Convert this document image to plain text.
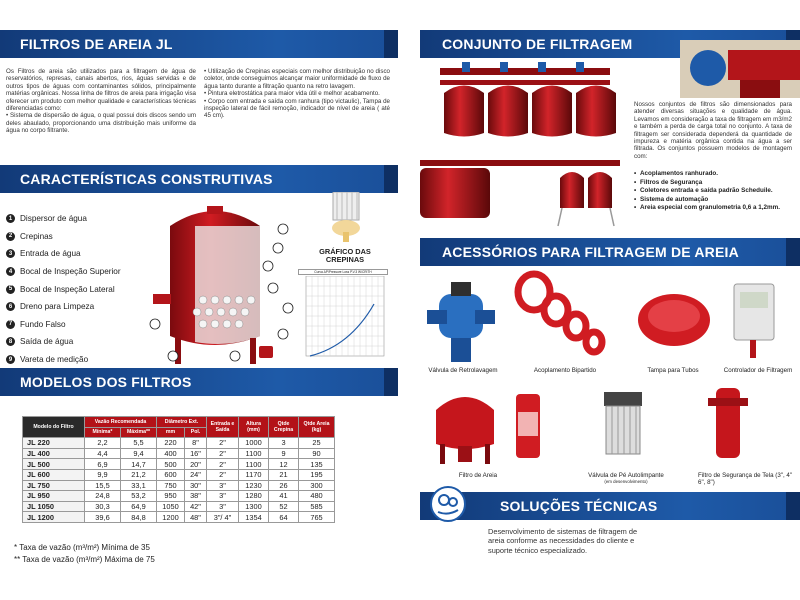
FILTROS DE AREIA JL
Os Filtros de areia são utilizados para a filtragem de água de reservatórios, represas, canais abertos, rios, águas servidas e de outros tipos de águas com contaminantes sólidos, principalmente matérias orgânicas. Nossa linha de filtros de areia para irrigação visa oferecer um produto com melhor qualidade e características técnicas diferenciadas como:
• Sistema de dispersão de água, o qual possui dois discos sendo um deles abaulado, proporcionando uma distribuição mais uniforme da água no corpo filtrante.
• Utilização de Crepinas especiais com melhor distribuição no disco coletor, onde conseguimos alcançar maior uniformidade de fluxo de água tanto durante a filtração quanto na retro lavagem.
• Pintura eletrostática para maior vida útil e melhor acabamento.
• Corpo com entrada e saída com ranhura (tipo victaulic), Tampa de inspeção lateral de fácil remoção, indicador de nível de areia ( até 45 cm).
CARACTERÍSTICAS CONSTRUTIVAS
1 Dispersor de água
2 Crepinas
3 Entrada de água
4 Bocal de Inspeção Superior
5 Bocal de Inspeção Lateral
6 Dreno para Limpeza
7 Fundo Falso
8 Saída de água
9 Vareta de medição
GRÁFICO DAS CREPINAS
Curva ΔP/Pressure Loss P.V.3 W/CRITH
MODELOS DOS FILTROS
Modelo do Filtro	Vazão Recomendada		Diâmetro Ext.		Entrada e Saída	Altura (mm)	Qtde Crepina	Qtde Areia (kg)
	Mínima*	Máxima**	mm	Pol.				
JL 220	2,2	5,5	220	8"	2"	1000	3	25
JL 400	4,4	9,4	400	16"	2"	1100	9	90
JL 500	6,9	14,7	500	20"	2"	1100	12	135
JL 600	9,9	21,2	600	24"	2"	1170	21	195
JL 750	15,5	33,1	750	30"	3"	1230	26	300
JL 950	24,8	53,2	950	38"	3"	1280	41	480
JL 1050	30,3	64,9	1050	42"	3"	1300	52	585
JL 1200	39,6	84,8	1200	48"	3"/ 4"	1354	64	765
* Taxa de vazão (m³/m²) Mínima de 35
** Taxa de vazão (m³/m²) Máxima de 75
CONJUNTO DE FILTRAGEM
Nossos conjuntos de filtros são dimensionados para atender diversas situações e qualidade de água. Levamos em consideração a taxa de filtragem em m3/m2 e também a perda de carga total no conjunto. A taxa de filtragem ser considerada dependerá da quantidade de impureza e matéria orgânica contida na água a ser filtrada. Os conjuntos possuem modelos de montagem com:
• Acoplamentos ranhurado.
• Filtros de Segurança
• Coletores entrada e saída padrão Scheduile.
• Sistema de automação
• Areia especial com granulometria 0,6 a 1,2mm.
ACESSÓRIOS PARA FILTRAGEM DE AREIA
Válvula de Retrolavagem	Acoplamento Bipartido	Tampa para Tubos	Controlador de Filtragem
Filtro de Areia	Válvula de Pé Autolimpante
(em desenvolvimento)
Filtro de Segurança de Tela (3", 4" 6", 8")
SOLUÇÕES TÉCNICAS
Desenvolvimento de sistemas de filtragem de areia conforme as necessidades do cliente e suporte técnico especializado.
